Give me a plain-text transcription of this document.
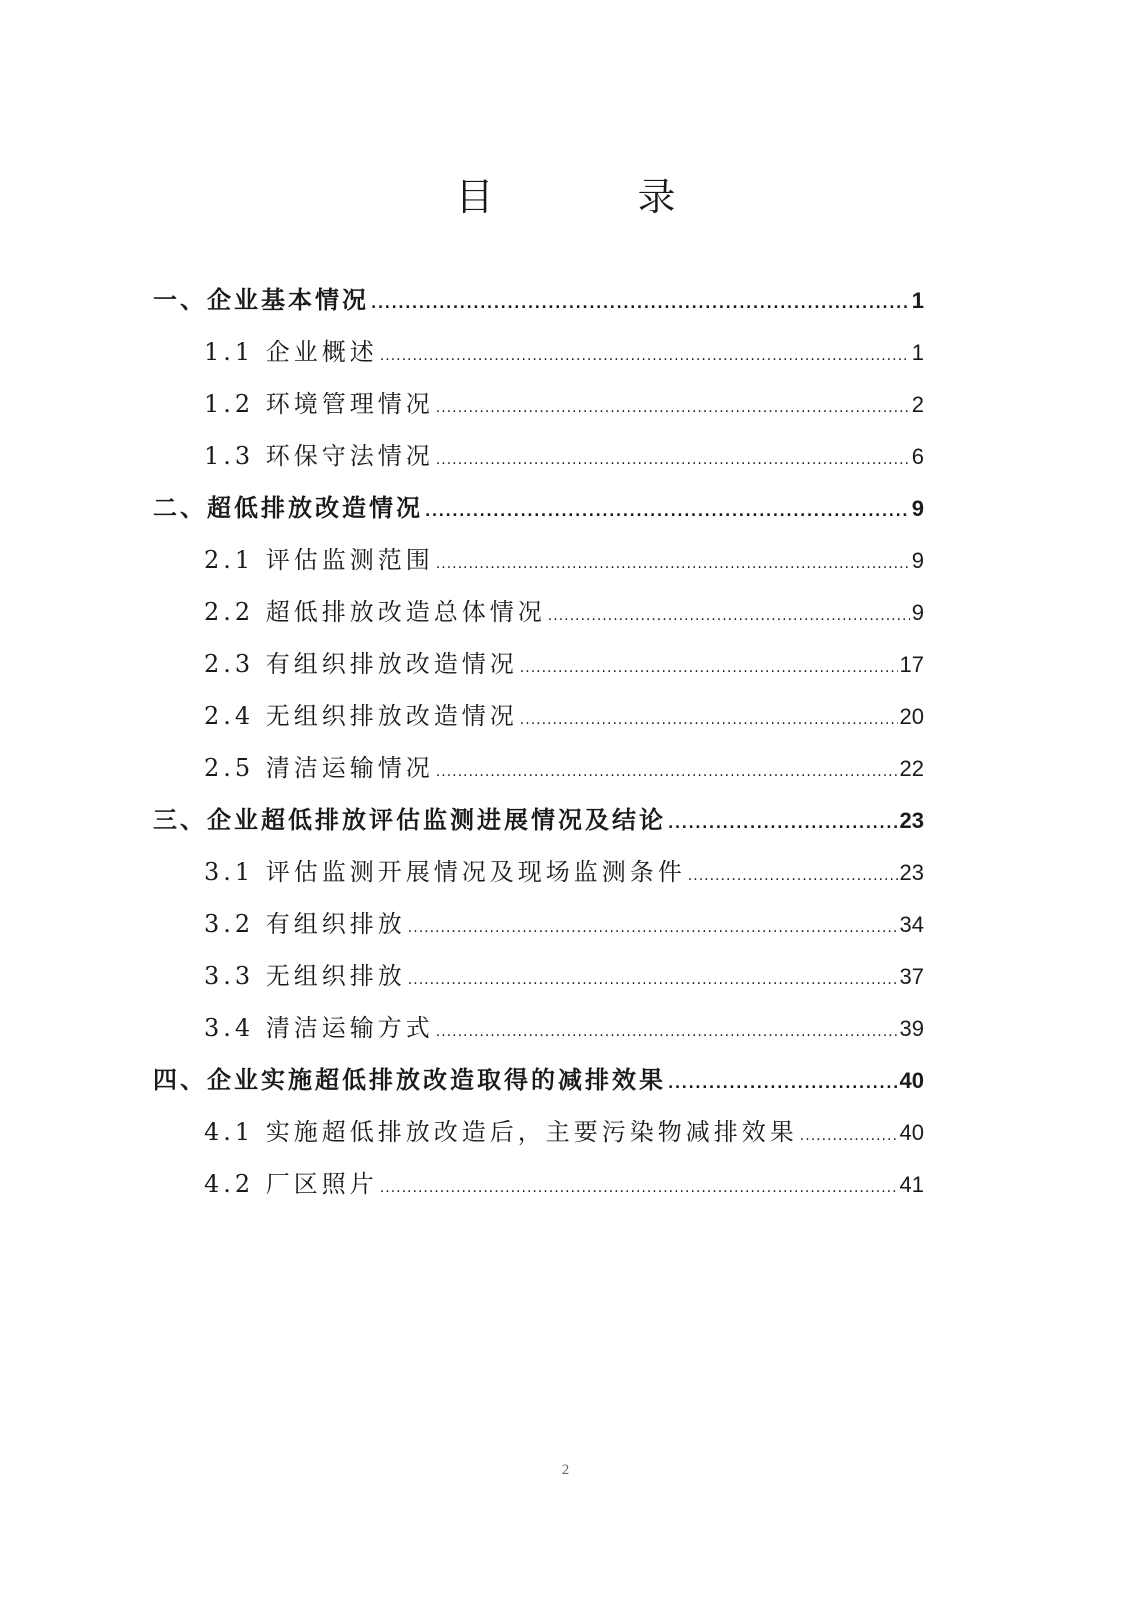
目 录
一、企业基本情况 .....	1
1.1 企业概述 .....	1
1.2 环境管理情况 .....	2
1.3 环保守法情况 .....	6
二、超低排放改造情况 .....	9
2.1 评估监测范围 .....	9
2.2 超低排放改造总体情况 .....	9
2.3 有组织排放改造情况 .....	17
2.4 无组织排放改造情况 .....	20
2.5 清洁运输情况 .....	22
三、企业超低排放评估监测进展情况及结论 .....	23
3.1 评估监测开展情况及现场监测条件 .....	23
3.2 有组织排放 .....	34
3.3 无组织排放 .....	37
3.4 清洁运输方式 .....	39
四、企业实施超低排放改造取得的减排效果 .....	40
4.1 实施超低排放改造后，主要污染物减排效果 .....	40
4.2 厂区照片 .....	41
2
